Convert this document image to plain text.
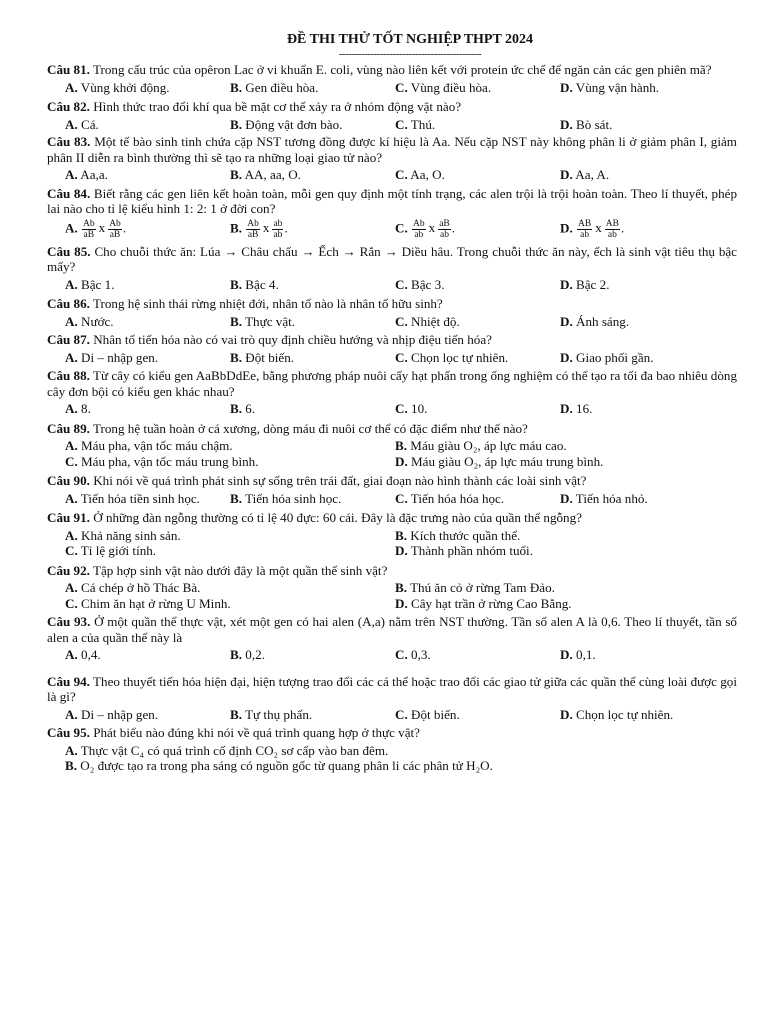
ĐỀ THI THỬ TỐT NGHIỆP THPT 2024
---------------------------------------------
Câu 81. Trong cấu trúc của opêron Lac ở vi khuẩn E. coli, vùng nào liên kết với protein ức chế để ngăn cản các gen phiên mã?
A. Vùng khởi động.	B. Gen điều hòa.	C. Vùng điều hòa.	D. Vùng vận hành.
Câu 82. Hình thức trao đổi khí qua bề mặt cơ thể xảy ra ở nhóm động vật nào?
A. Cá.	B. Động vật đơn bào.	C. Thú.	D. Bò sát.
Câu 83. Một tế bào sinh tinh chứa cặp NST tương đồng được kí hiệu là Aa. Nếu cặp NST này không phân li ở giảm phân I, giảm phân II diễn ra bình thường thì sẽ tạo ra những loại giao tử nào?
A. Aa,a.	B. AA, aa, O.	C. Aa, O.	D. Aa, A.
Câu 84. Biết rằng các gen liên kết hoàn toàn, mỗi gen quy định một tính trạng, các alen trội là trội hoàn toàn. Theo lí thuyết, phép lai nào cho tỉ lệ kiểu hình 1: 2: 1 ở đời con?
A. $\frac{Ab}{aB}$ x $\frac{Ab}{aB}$ .	B. $\frac{Ab}{aB}$ x $\frac{ab}{ab}$ .	C. $\frac{Ab}{ab}$ x $\frac{aB}{ab}$ .	D. $\frac{AB}{ab}$ x $\frac{AB}{ab}$ .
Câu 85. Cho chuỗi thức ăn: Lúa → Châu chấu → Ếch → Rắn → Diều hâu. Trong chuỗi thức ăn này, ếch là sinh vật tiêu thụ bậc mấy?
A. Bậc 1.	B. Bậc 4.	C. Bậc 3.	D. Bậc 2.
Câu 86. Trong hệ sinh thái rừng nhiệt đới, nhân tố nào là nhân tố hữu sinh?
A. Nước.	B. Thực vật.	C. Nhiệt độ.	D. Ánh sáng.
Câu 87. Nhân tố tiến hóa nào có vai trò quy định chiều hướng và nhịp điệu tiến hóa?
A. Di – nhập gen.	B. Đột biến.	C. Chọn lọc tự nhiên.	D. Giao phối gần.
Câu 88. Từ cây có kiểu gen AaBbDdEe, bằng phương pháp nuôi cấy hạt phấn trong ống nghiệm có thể tạo ra tối đa bao nhiêu dòng cây đơn bội có kiểu gen khác nhau?
A. 8.	B. 6.	C. 10.	D. 16.
Câu 89. Trong hệ tuần hoàn ở cá xương, dòng máu đi nuôi cơ thể có đặc điểm như thế nào?
A. Máu pha, vận tốc máu chậm.	B. Máu giàu O₂, áp lực máu cao.
C. Máu pha, vận tốc máu trung bình.	D. Máu giàu O₂, áp lực máu trung bình.
Câu 90. Khi nói về quá trình phát sinh sự sống trên trái đất, giai đoạn nào hình thành các loài sinh vật?
A. Tiến hóa tiền sinh học.	B. Tiến hóa sinh học.	C. Tiến hóa hóa học.	D. Tiến hóa nhỏ.
Câu 91. Ở những đàn ngỗng thường có tỉ lệ 40 đực: 60 cái. Đây là đặc trưng nào của quần thể ngỗng?
A. Khả năng sinh sản.	B. Kích thước quần thể.
C. Tỉ lệ giới tính.	D. Thành phần nhóm tuổi.
Câu 92. Tập hợp sinh vật nào dưới đây là một quần thể sinh vật?
A. Cá chép ở hồ Thác Bà.	B. Thú ăn cỏ ở rừng Tam Đảo.
C. Chim ăn hạt ở rừng U Minh.	D. Cây hạt trần ở rừng Cao Bằng.
Câu 93. Ở một quần thể thực vật, xét một gen có hai alen (A,a) nằm trên NST thường. Tần số alen A là 0,6. Theo lí thuyết, tần số alen a của quần thể này là
A. 0,4.	B. 0,2.	C. 0,3.	D. 0,1.
Câu 94. Theo thuyết tiến hóa hiện đại, hiện tượng trao đổi các cá thể hoặc trao đổi các giao tử giữa các quần thể cùng loài được gọi là gì?
A. Di – nhập gen.	B. Tự thụ phấn.	C. Đột biến.	D. Chọn lọc tự nhiên.
Câu 95. Phát biểu nào đúng khi nói về quá trình quang hợp ở thực vật?
A. Thực vật C₄ có quá trình cố định CO₂ sơ cấp vào ban đêm.
B. O₂ được tạo ra trong pha sáng có nguồn gốc từ quang phân li các phân tử H₂O.
